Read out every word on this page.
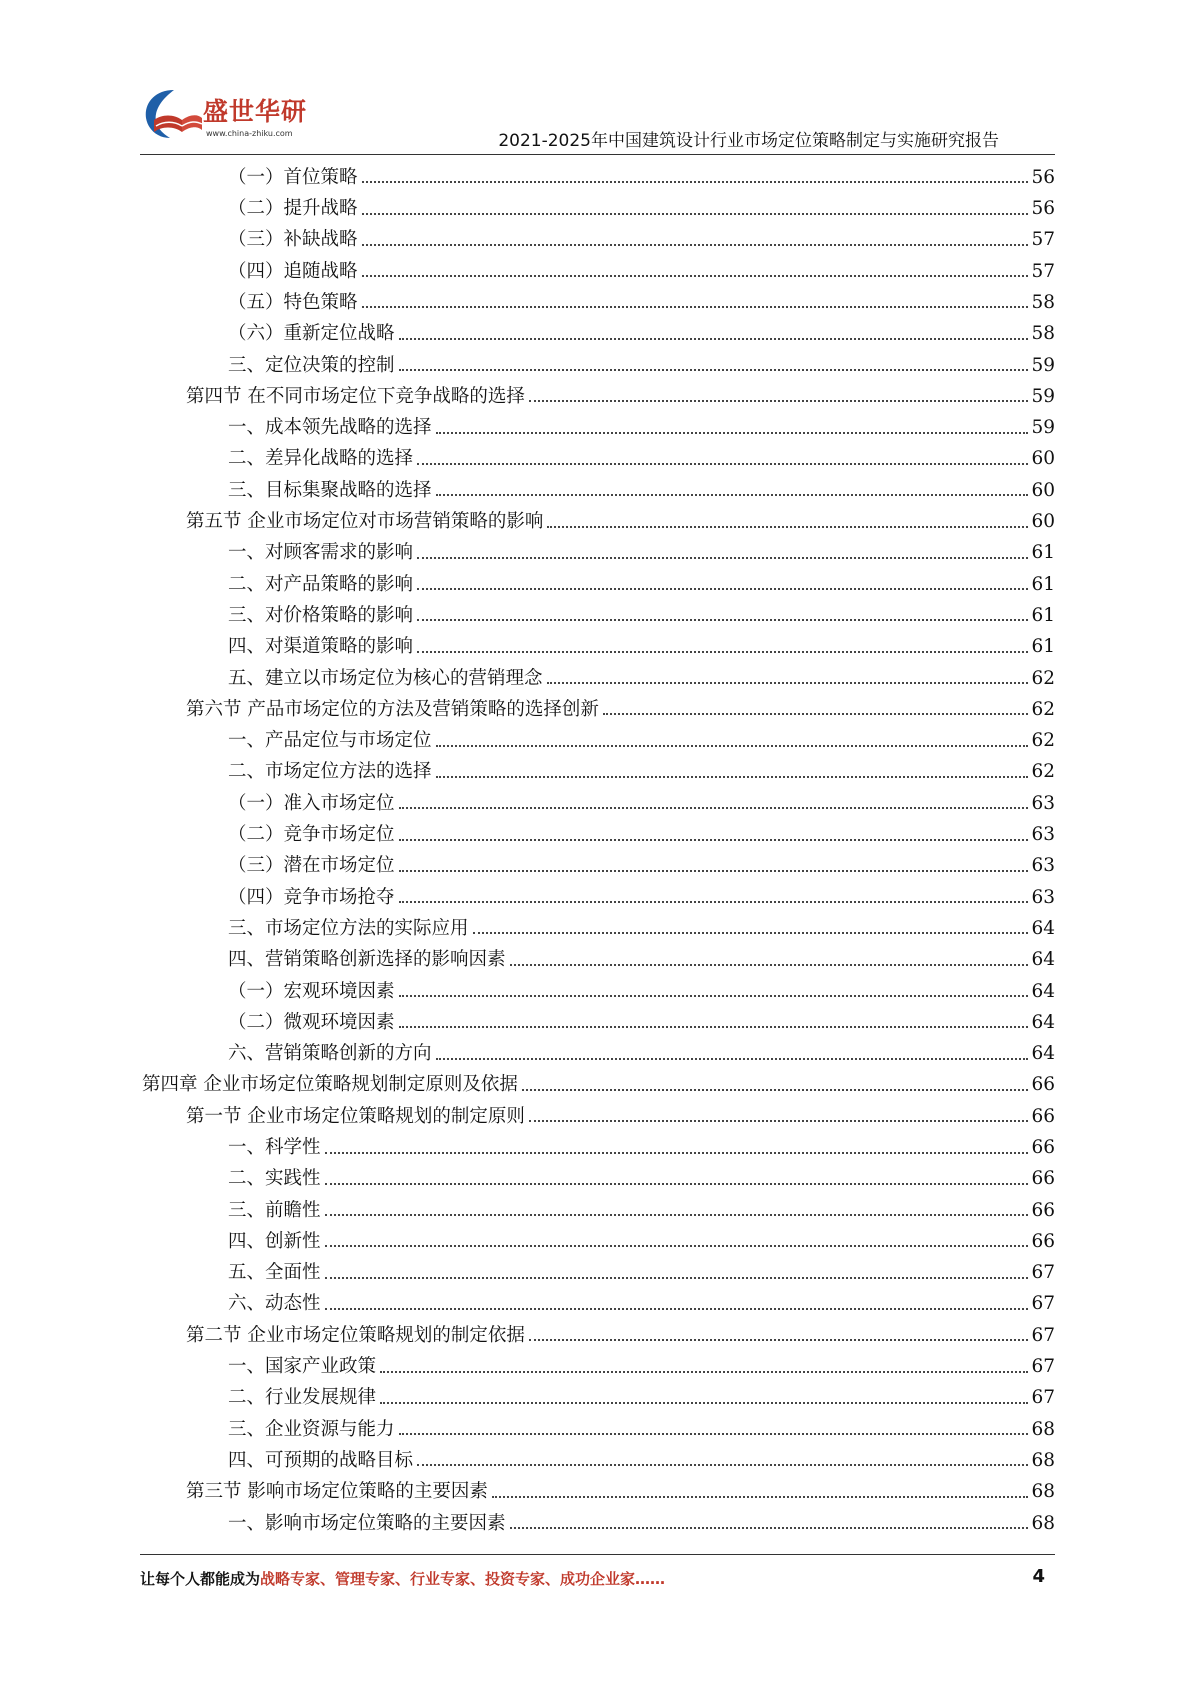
盛世华研
www.china-zhiku.com	2021-2025年中国建筑设计行业市场定位策略制定与实施研究报告
（一）首位策略	56
（二）提升战略	56
（三）补缺战略	57
（四）追随战略	57
（五）特色策略	58
（六）重新定位战略	58
三、定位决策的控制	59
第四节 在不同市场定位下竞争战略的选择	59
一、成本领先战略的选择	59
二、差异化战略的选择	60
三、目标集聚战略的选择	60
第五节 企业市场定位对市场营销策略的影响	60
一、对顾客需求的影响	61
二、对产品策略的影响	61
三、对价格策略的影响	61
四、对渠道策略的影响	61
五、建立以市场定位为核心的营销理念	62
第六节 产品市场定位的方法及营销策略的选择创新	62
一、产品定位与市场定位	62
二、市场定位方法的选择	62
（一）准入市场定位	63
（二）竞争市场定位	63
（三）潜在市场定位	63
（四）竞争市场抢夺	63
三、市场定位方法的实际应用	64
四、营销策略创新选择的影响因素	64
（一）宏观环境因素	64
（二）微观环境因素	64
六、营销策略创新的方向	64
第四章 企业市场定位策略规划制定原则及依据	66
第一节 企业市场定位策略规划的制定原则	66
一、科学性	66
二、实践性	66
三、前瞻性	66
四、创新性	66
五、全面性	67
六、动态性	67
第二节 企业市场定位策略规划的制定依据	67
一、国家产业政策	67
二、行业发展规律	67
三、企业资源与能力	68
四、可预期的战略目标	68
第三节 影响市场定位策略的主要因素	68
一、影响市场定位策略的主要因素	68
让每个人都能成为战略专家、管理专家、行业专家、投资专家、成功企业家……	4
